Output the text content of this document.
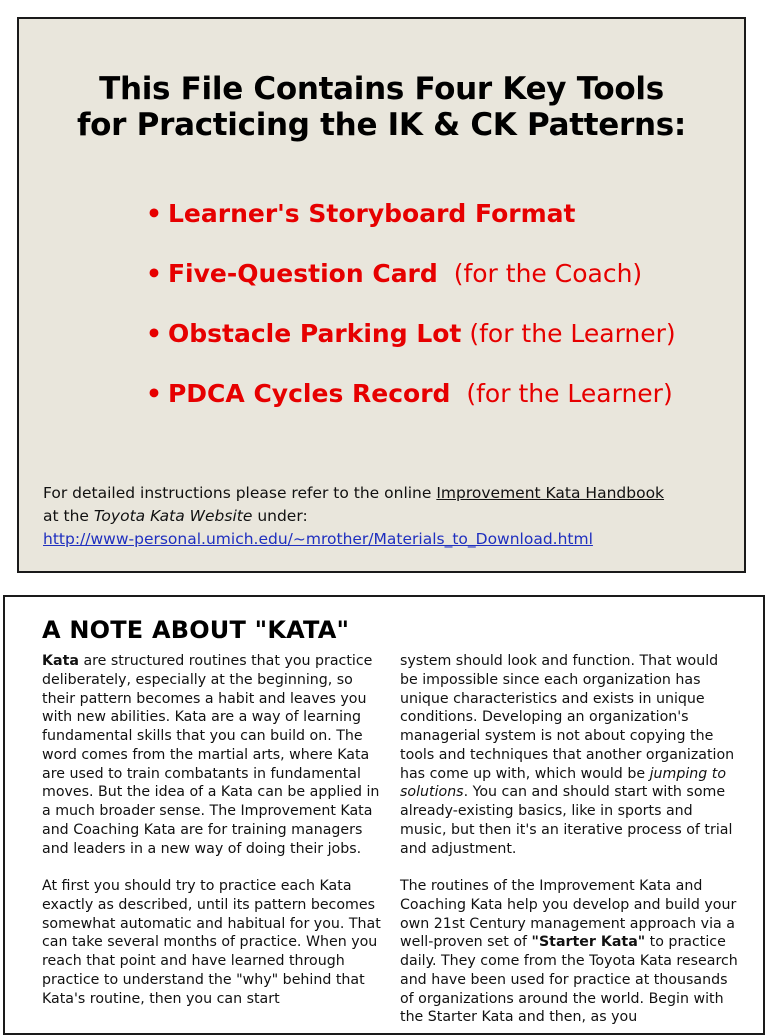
This File Contains Four Key Tools
for Practicing the IK & CK Patterns:
• Learner's Storyboard Format
• Five-Question Card (for the Coach)
• Obstacle Parking Lot (for the Learner)
• PDCA Cycles Record (for the Learner)
For detailed instructions please refer to the online Improvement Kata Handbook
at the Toyota Kata Website under:
http://www-personal.umich.edu/~mrother/Materials_to_Download.html
A NOTE ABOUT "KATA"

Kata are structured routines that you practice deliberately, especially at the beginning, so their pattern becomes a habit and leaves you with new abilities. Kata are a way of learning fundamental skills that you can build on. The word comes from the martial arts, where Kata are used to train combatants in fundamental moves. But the idea of a Kata can be applied in a much broader sense. The Improvement Kata and Coaching Kata are for training managers and leaders in a new way of doing their jobs.

At first you should try to practice each Kata exactly as described, until its pattern becomes somewhat automatic and habitual for you. That can take several months of practice. When you reach that point and have learned through practice to understand the "why" behind that Kata's routine, then you can start

system should look and function. That would be impossible since each organization has unique characteristics and exists in unique conditions. Developing an organization's managerial system is not about copying the tools and techniques that another organization has come up with, which would be jumping to solutions. You can and should start with some already-existing basics, like in sports and music, but then it's an iterative process of trial and adjustment.

The routines of the Improvement Kata and Coaching Kata help you develop and build your own 21st Century management approach via a well-proven set of "Starter Kata" to practice daily. They come from the Toyota Kata research and have been used for practice at thousands of organizations around the world. Begin with the Starter Kata and then, as you
